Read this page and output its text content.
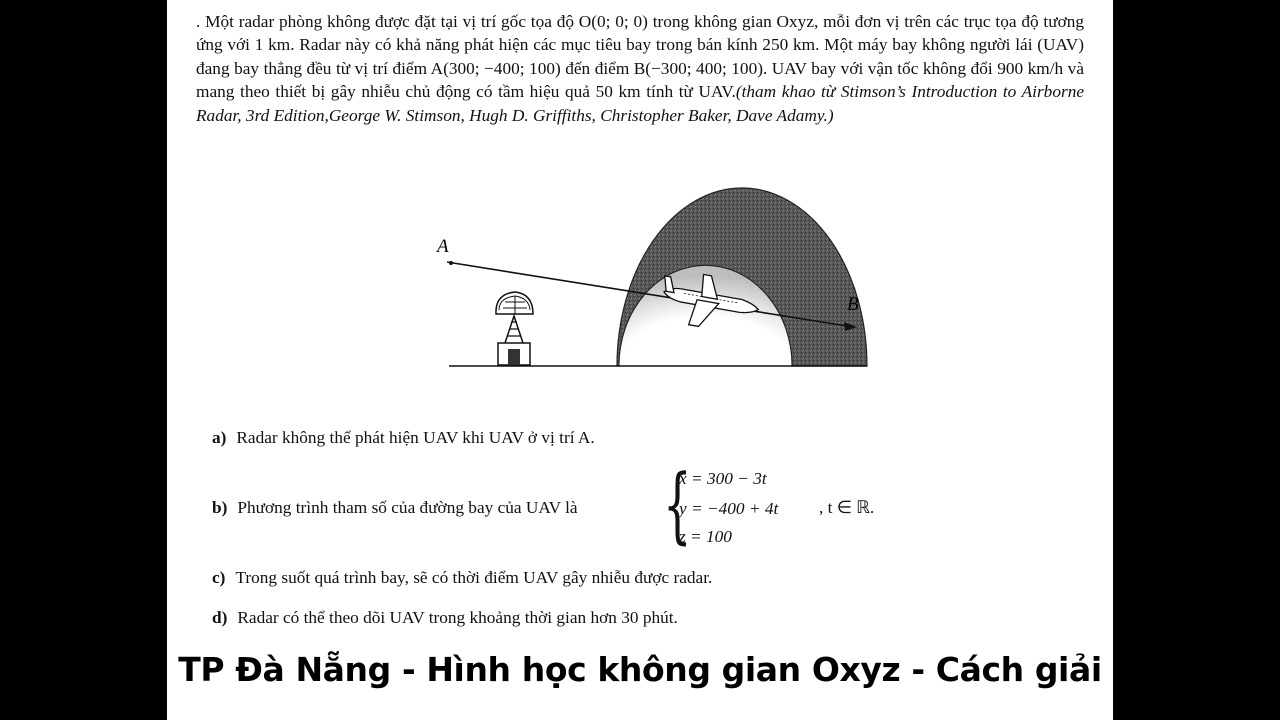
. Một radar phòng không được đặt tại vị trí gốc tọa độ O(0; 0; 0) trong không gian Oxyz, mỗi đơn vị trên các trục tọa độ tương ứng với 1 km. Radar này có khả năng phát hiện các mục tiêu bay trong bán kính 250 km. Một máy bay không người lái (UAV) đang bay thẳng đều từ vị trí điểm A(300; −400; 100) đến điểm B(−300; 400; 100). UAV bay với vận tốc không đổi 900 km/h và mang theo thiết bị gây nhiễu chủ động có tầm hiệu quả 50 km tính từ UAV.(tham khao từ Stimson’s Introduction to Airborne Radar, 3rd Edition,George W. Stimson, Hugh D. Griffiths, Christopher Baker, Dave Adamy.)

A
B
a) Radar không thể phát hiện UAV khi UAV ở vị trí A.
b) Phương trình tham số của đường bay của UAV là {
x = 300 − 3t
y = −400 + 4t
z = 100
, t ∈ ℝ.
c) Trong suốt quá trình bay, sẽ có thời điểm UAV gây nhiễu được radar.
d) Radar có thể theo dõi UAV trong khoảng thời gian hơn 30 phút.
TP Đà Nẵng - Hình học không gian Oxyz - Cách giải
